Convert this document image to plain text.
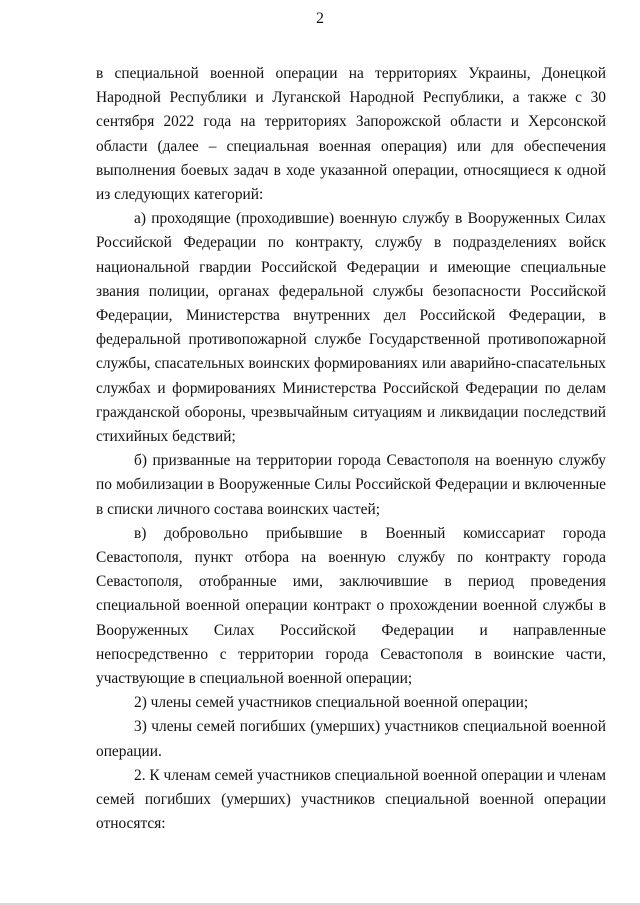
2

в специальной военной операции на территориях Украины, Донецкой Народной Республики и Луганской Народной Республики, а также с 30 сентября 2022 года на территориях Запорожской области и Херсонской области (далее – специальная военная операция) или для обеспечения выполнения боевых задач в ходе указанной операции, относящиеся к одной из следующих категорий:

а) проходящие (проходившие) военную службу в Вооруженных Силах Российской Федерации по контракту, службу в подразделениях войск национальной гвардии Российской Федерации и имеющие специальные звания полиции, органах федеральной службы безопасности Российской Федерации, Министерства внутренних дел Российской Федерации, в федеральной противопожарной службе Государственной противопожарной службы, спасательных воинских формированиях или аварийно-спасательных службах и формированиях Министерства Российской Федерации по делам гражданской обороны, чрезвычайным ситуациям и ликвидации последствий стихийных бедствий;

б) призванные на территории города Севастополя на военную службу по мобилизации в Вооруженные Силы Российской Федерации и включенные в списки личного состава воинских частей;

в) добровольно прибывшие в Военный комиссариат города Севастополя, пункт отбора на военную службу по контракту города Севастополя, отобранные ими, заключившие в период проведения специальной военной операции контракт о прохождении военной службы в Вооруженных Силах Российской Федерации и направленные непосредственно с территории города Севастополя в воинские части, участвующие в специальной военной операции;

2) члены семей участников специальной военной операции;

3) члены семей погибших (умерших) участников специальной военной операции.

2. К членам семей участников специальной военной операции и членам семей погибших (умерших) участников специальной военной операции относятся:
